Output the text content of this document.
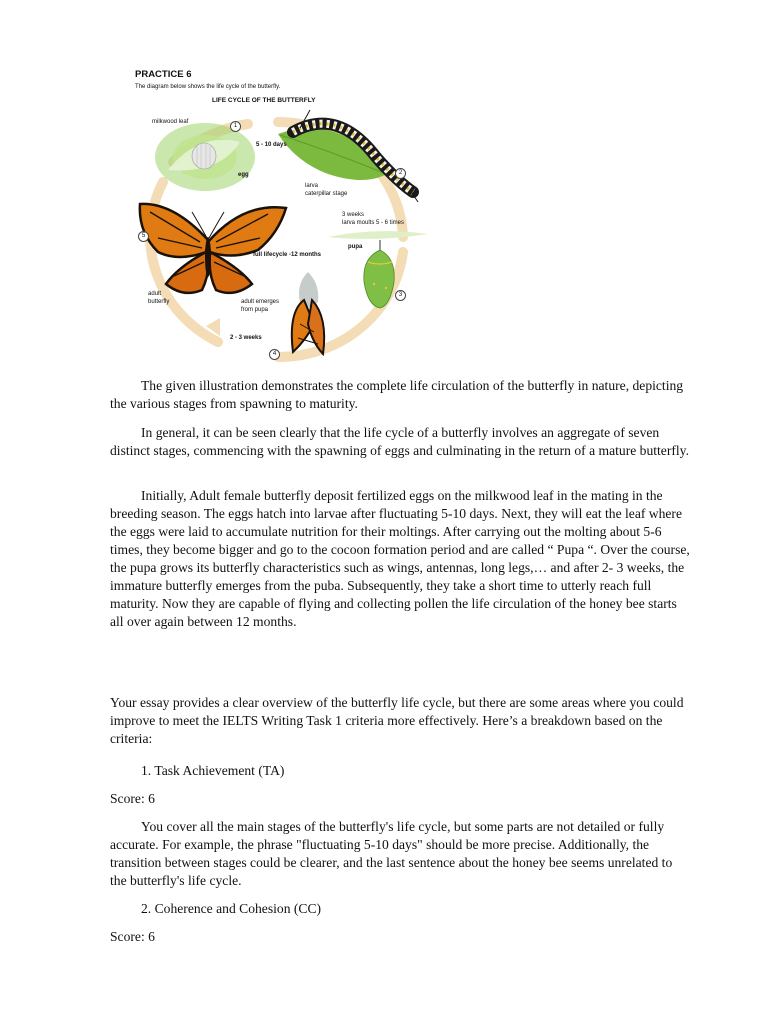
PRACTICE 6
The diagram below shows the life cycle of the butterfly.
LIFE CYCLE OF THE BUTTERFLY
milkwood leaf
egg
5 - 10 days
larva
caterpillar stage
3 weeks
larva moults 5 - 6 times
pupa
full lifecycle -12 months
adult
butterfly	adult emerges
from pupa
2 - 3 weeks
1
2
3
4
5

The given illustration demonstrates the complete life circulation of the butterfly in nature, depicting the various stages from spawning to maturity.

In general, it can be seen clearly that the life cycle of a butterfly involves an aggregate of seven distinct stages, commencing with the spawning of eggs and culminating in the return of a mature butterfly.

Initially, Adult female butterfly deposit fertilized eggs on the milkwood leaf in the mating in the breeding season. The eggs hatch into larvae after fluctuating 5-10 days. Next, they will eat the leaf where the eggs were laid to accumulate nutrition for their moltings. After carrying out the molting about 5-6 times, they become bigger and go to the cocoon formation period and are called “ Pupa “. Over the course, the pupa grows its butterfly characteristics such as wings, antennas, long legs,… and after 2- 3 weeks, the immature butterfly emerges from the puba. Subsequently, they take a short time to utterly reach full maturity. Now they are capable of flying and collecting pollen the life circulation of the honey bee starts all over again between 12 months.

Your essay provides a clear overview of the butterfly life cycle, but there are some areas where you could improve to meet the IELTS Writing Task 1 criteria more effectively. Here’s a breakdown based on the criteria:

1. Task Achievement (TA)

Score: 6

You cover all the main stages of the butterfly's life cycle, but some parts are not detailed or fully accurate. For example, the phrase "fluctuating 5-10 days" should be more precise. Additionally, the transition between stages could be clearer, and the last sentence about the honey bee seems unrelated to the butterfly's life cycle.

2. Coherence and Cohesion (CC)

Score: 6
